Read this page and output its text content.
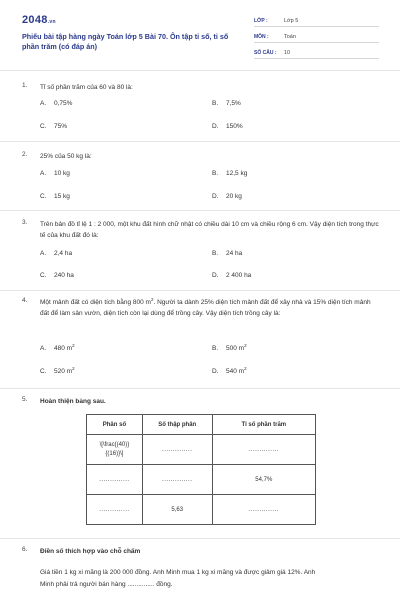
2048.vn
Phiếu bài tập hàng ngày Toán lớp 5 Bài 70. Ôn tập tỉ số, tỉ số phần trăm (có đáp án)
LỚP :	Lớp 5
MÔN :	Toán
SỐ CÂU :	10
1. Tỉ số phần trăm của 60 và 80 là:
A. 0,75%	B. 7,5%
C. 75%	D. 150%
2. 25% của 50 kg là:
A. 10 kg	B. 12,5 kg
C. 15 kg	D. 20 kg
3. Trên bản đồ tỉ lệ 1 : 2 000, một khu đất hình chữ nhật có chiều dài 10 cm và chiều rộng 6 cm. Vậy diện tích trong thực tế của khu đất đó là:
A. 2,4 ha	B. 24 ha
C. 240 ha	D. 2 400 ha
4. Một mảnh đất có diện tích bằng 800 $m^2$. Người ta dành 25% diện tích mảnh đất để xây nhà và 15% diện tích mảnh đất để làm sân vườn, diện tích còn lại dùng để trồng cây. Vậy diện tích trồng cây là:
A. 480 $m^2$	B. 500 $m^2$
C. 520 $m^2$	D. 540 $m^2$
5. Hoàn thiện bảng sau.
Phân số	Số thập phân	Tỉ số phần trăm
\[\frac{(40)}{(16)}\]	..............	..............
..............	..............	54,7%
..............	5,63	..............
6. Điền số thích hợp vào chỗ chấm
Giá tiền 1 kg xi măng là 200 000 đồng. Anh Minh mua 1 kg xi măng và được giảm giá 12%. Anh
Minh phải trả người bán hàng ............... đồng.
